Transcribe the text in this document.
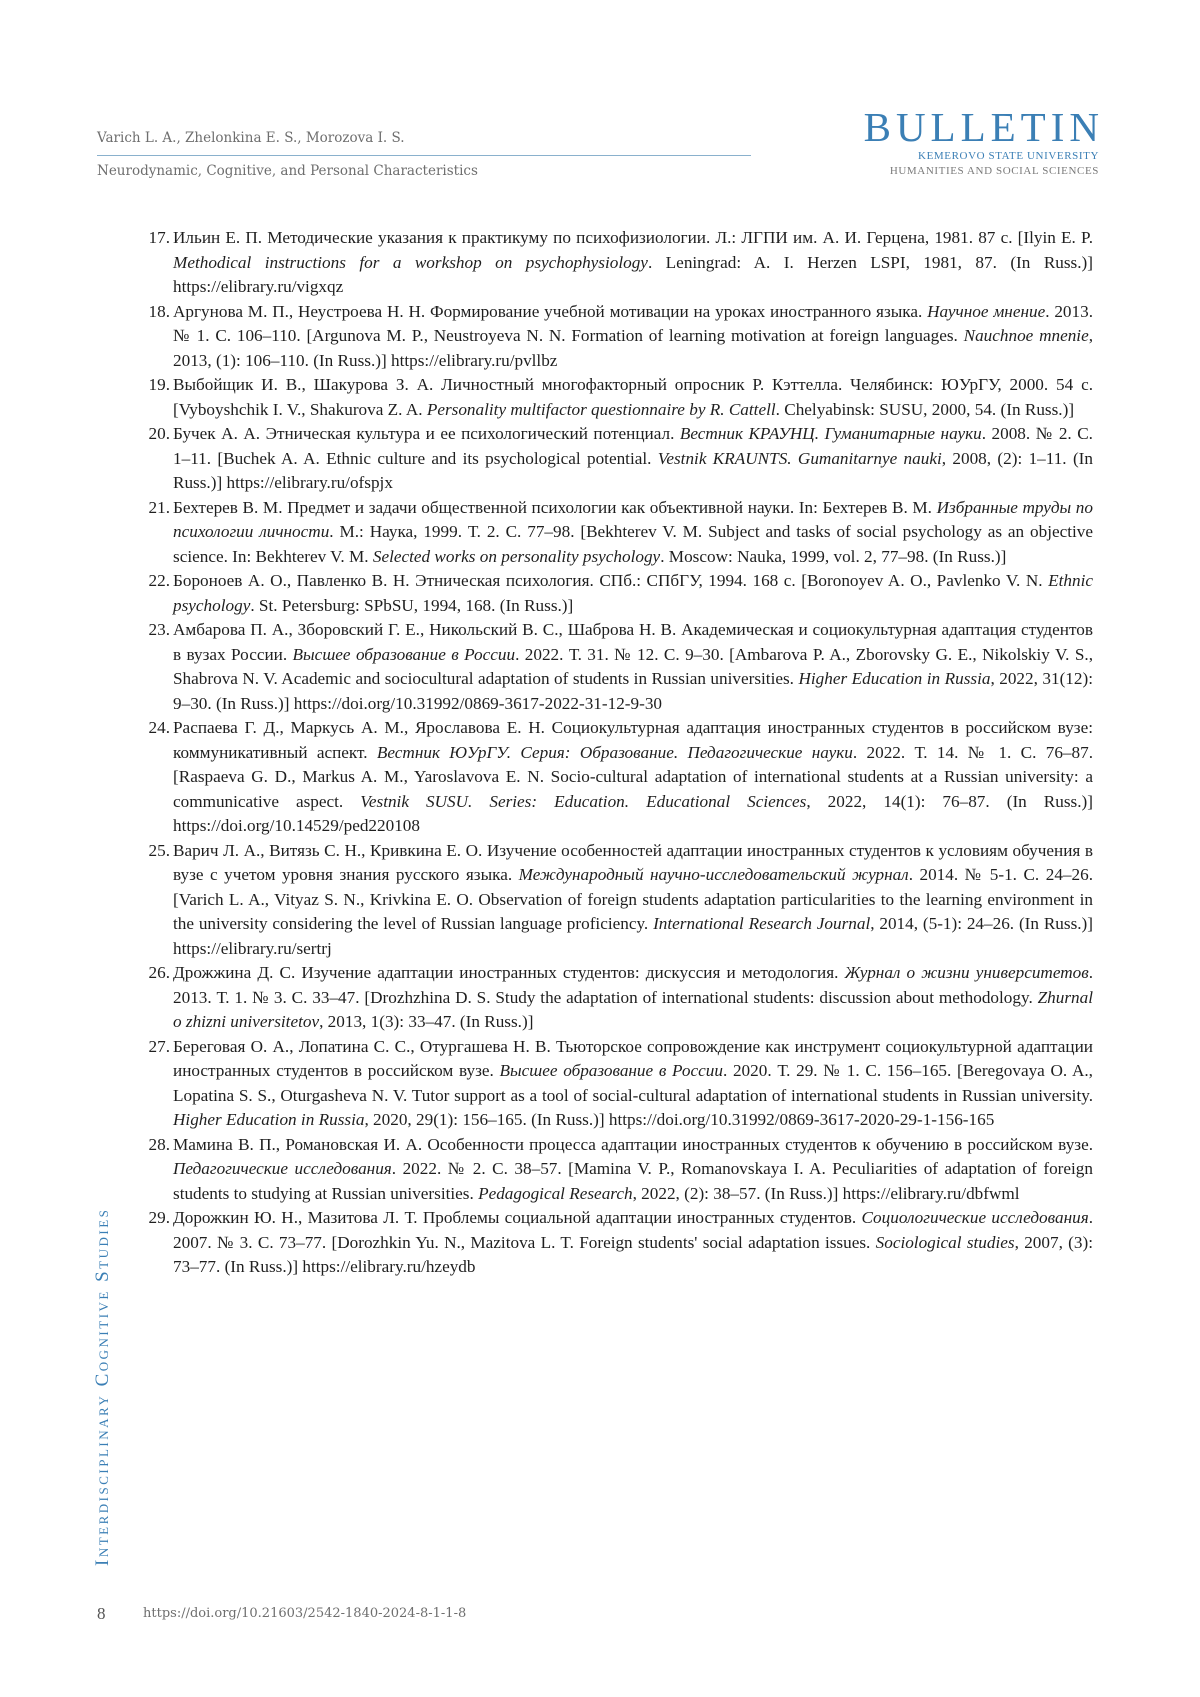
Varich L. A., Zhelonkina E. S., Morozova I. S.
Neurodynamic, Cognitive, and Personal Characteristics
BULLETIN
KEMEROVO STATE UNIVERSITY
HUMANITIES AND SOCIAL SCIENCES
17. Ильин Е. П. Методические указания к практикуму по психофизиологии. Л.: ЛГПИ им. А. И. Герцена, 1981. 87 с. [Ilyin E. P. Methodical instructions for a workshop on psychophysiology. Leningrad: A. I. Herzen LSPI, 1981, 87. (In Russ.)] https://elibrary.ru/vigxqz
18. Аргунова М. П., Неустроева Н. Н. Формирование учебной мотивации на уроках иностранного языка. Научное мнение. 2013. № 1. С. 106–110. [Argunova M. P., Neustroyeva N. N. Formation of learning motivation at foreign languages. Nauchnoe mnenie, 2013, (1): 106–110. (In Russ.)] https://elibrary.ru/pvllbz
19. Выбойщик И. В., Шакурова З. А. Личностный многофакторный опросник Р. Кэттелла. Челябинск: ЮУрГУ, 2000. 54 с. [Vyboyshchik I. V., Shakurova Z. A. Personality multifactor questionnaire by R. Cattell. Chelyabinsk: SUSU, 2000, 54. (In Russ.)]
20. Бучек А. А. Этническая культура и ее психологический потенциал. Вестник КРАУНЦ. Гуманитарные науки. 2008. № 2. С. 1–11. [Buchek A. A. Ethnic culture and its psychological potential. Vestnik KRAUNTS. Gumanitarnye nauki, 2008, (2): 1–11. (In Russ.)] https://elibrary.ru/ofspjx
21. Бехтерев В. М. Предмет и задачи общественной психологии как объективной науки. In: Бехтерев В. М. Избранные труды по психологии личности. М.: Наука, 1999. Т. 2. С. 77–98. [Bekhterev V. M. Subject and tasks of social psychology as an objective science. In: Bekhterev V. M. Selected works on personality psychology. Moscow: Nauka, 1999, vol. 2, 77–98. (In Russ.)]
22. Бороноев А. О., Павленко В. Н. Этническая психология. СПб.: СПбГУ, 1994. 168 с. [Boronoyev A. O., Pavlenko V. N. Ethnic psychology. St. Petersburg: SPbSU, 1994, 168. (In Russ.)]
23. Амбарова П. А., Зборовский Г. Е., Никольский В. С., Шаброва Н. В. Академическая и социокультурная адаптация студентов в вузах России. Высшее образование в России. 2022. Т. 31. № 12. С. 9–30. [Ambarova P. A., Zborovsky G. E., Nikolskiy V. S., Shabrova N. V. Academic and sociocultural adaptation of students in Russian universities. Higher Education in Russia, 2022, 31(12): 9–30. (In Russ.)] https://doi.org/10.31992/0869-3617-2022-31-12-9-30
24. Распаева Г. Д., Маркусь А. М., Ярославова Е. Н. Социокультурная адаптация иностранных студентов в российском вузе: коммуникативный аспект. Вестник ЮУрГУ. Серия: Образование. Педагогические науки. 2022. Т. 14. № 1. С. 76–87. [Raspaeva G. D., Markus A. M., Yaroslavova E. N. Socio-cultural adaptation of international students at a Russian university: a communicative aspect. Vestnik SUSU. Series: Education. Educational Sciences, 2022, 14(1): 76–87. (In Russ.)] https://doi.org/10.14529/ped220108
25. Варич Л. А., Витязь С. Н., Кривкина Е. О. Изучение особенностей адаптации иностранных студентов к условиям обучения в вузе с учетом уровня знания русского языка. Международный научно-исследовательский журнал. 2014. № 5-1. С. 24–26. [Varich L. A., Vityaz S. N., Krivkina E. O. Observation of foreign students adaptation particularities to the learning environment in the university considering the level of Russian language proficiency. International Research Journal, 2014, (5-1): 24–26. (In Russ.)] https://elibrary.ru/sertrj
26. Дрожжина Д. С. Изучение адаптации иностранных студентов: дискуссия и методология. Журнал о жизни университетов. 2013. Т. 1. № 3. С. 33–47. [Drozhzhina D. S. Study the adaptation of international students: discussion about methodology. Zhurnal o zhizni universitetov, 2013, 1(3): 33–47. (In Russ.)]
27. Береговая О. А., Лопатина С. С., Отургашева Н. В. Тьюторское сопровождение как инструмент социокультурной адаптации иностранных студентов в российском вузе. Высшее образование в России. 2020. Т. 29. № 1. С. 156–165. [Beregovaya O. A., Lopatina S. S., Oturgasheva N. V. Tutor support as a tool of social-cultural adaptation of international students in Russian university. Higher Education in Russia, 2020, 29(1): 156–165. (In Russ.)] https://doi.org/10.31992/0869-3617-2020-29-1-156-165
28. Мамина В. П., Романовская И. А. Особенности процесса адаптации иностранных студентов к обучению в российском вузе. Педагогические исследования. 2022. № 2. С. 38–57. [Mamina V. P., Romanovskaya I. A. Peculiarities of adaptation of foreign students to studying at Russian universities. Pedagogical Research, 2022, (2): 38–57. (In Russ.)] https://elibrary.ru/dbfwml
29. Дорожкин Ю. Н., Мазитова Л. Т. Проблемы социальной адаптации иностранных студентов. Социологические исследования. 2007. № 3. С. 73–77. [Dorozhkin Yu. N., Mazitova L. T. Foreign students' social adaptation issues. Sociological studies, 2007, (3): 73–77. (In Russ.)] https://elibrary.ru/hzeydb
Interdisciplinary Cognitive Studies
8	https://doi.org/10.21603/2542-1840-2024-8-1-1-8
